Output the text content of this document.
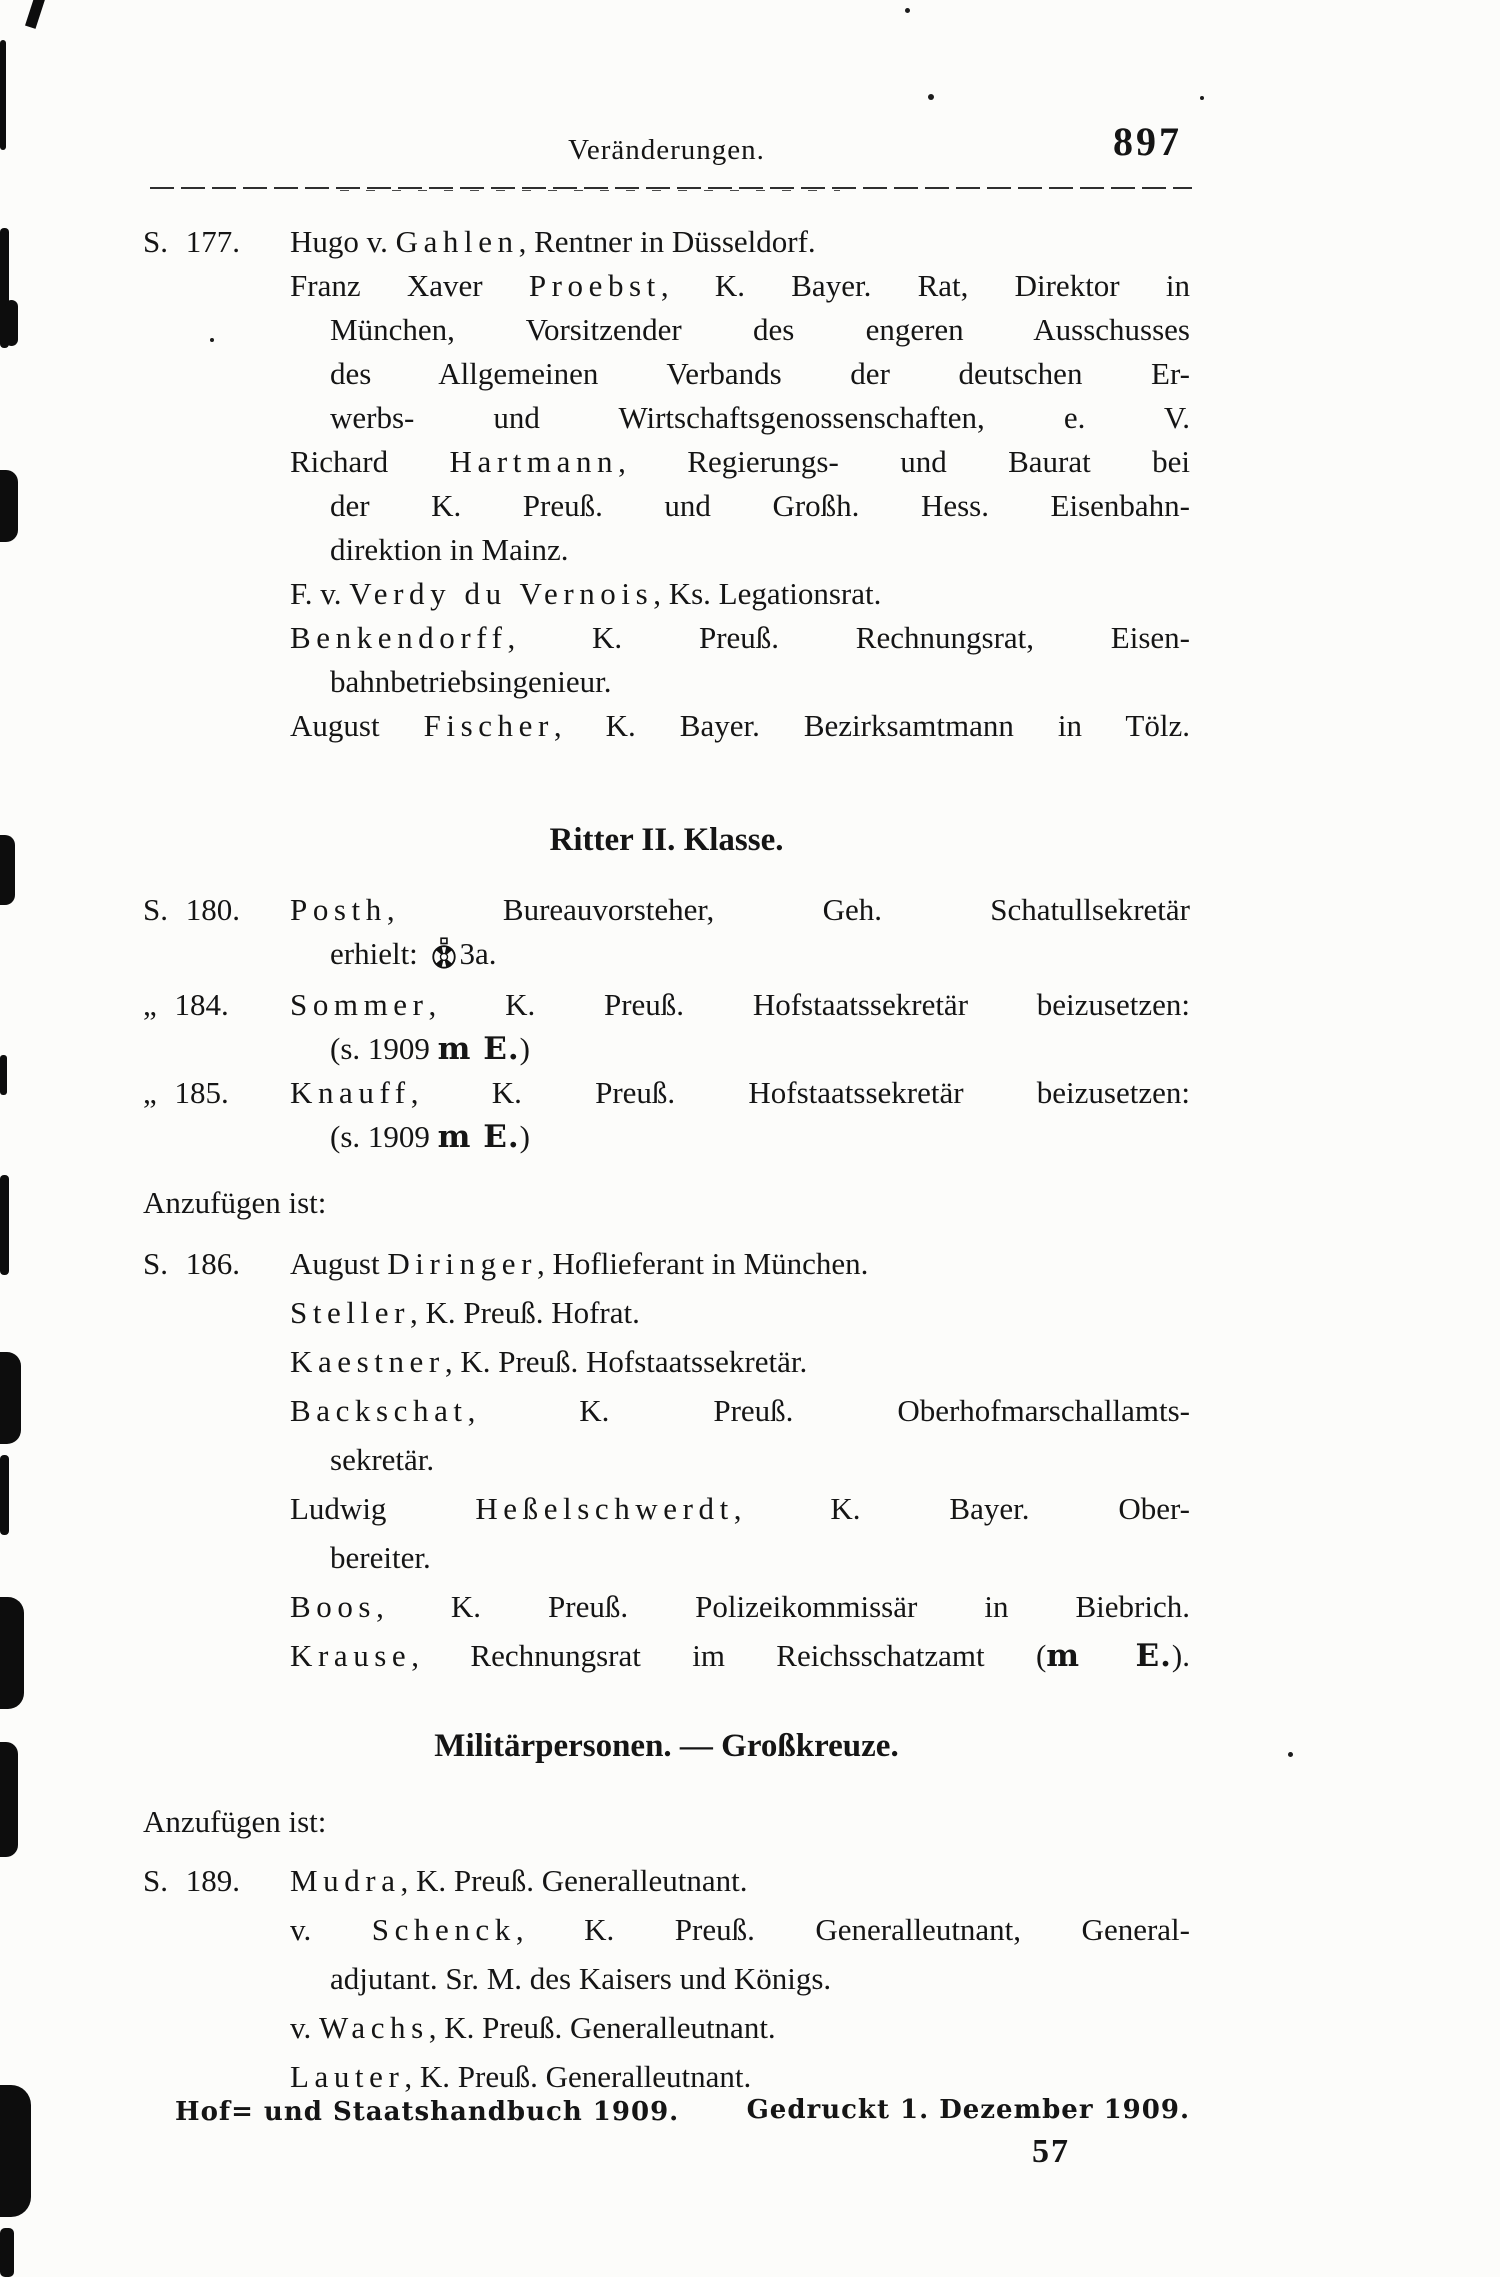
Veränderungen.	897
S. 177.	Hugo v. Gahlen, Rentner in Düsseldorf.
Franz Xaver Proebst, K. Bayer. Rat, Direktor in
München, Vorsitzender des engeren Ausschusses
des Allgemeinen Verbands der deutschen Er-
werbs- und Wirtschaftsgenossenschaften, e. V.
Richard Hartmann, Regierungs- und Baurat bei
der K. Preuß. und Großh. Hess. Eisenbahn-
direktion in Mainz.
F. v. Verdy du Vernois, Ks. Legationsrat.
Benkendorff, K. Preuß. Rechnungsrat, Eisen-
bahnbetriebsingenieur.
August Fischer, K. Bayer. Bezirksamtmann in Tölz.
Ritter II. Klasse.
S. 180.	Posth, Bureauvorsteher, Geh. Schatullsekretär
erhielt: 3a.
„ 184.	Sommer, K. Preuß. Hofstaatssekretär beizusetzen:
(s. 1909 m E.)
„ 185.	Knauff, K. Preuß. Hofstaatssekretär beizusetzen:
(s. 1909 m E.)
Anzufügen ist:
S. 186.	August Diringer, Hoflieferant in München.
Steller, K. Preuß. Hofrat.
Kaestner, K. Preuß. Hofstaatssekretär.
Backschat, K. Preuß. Oberhofmarschallamts-
sekretär.
Ludwig Heßelschwerdt, K. Bayer. Ober-
bereiter.
Boos, K. Preuß. Polizeikommissär in Biebrich.
Krause, Rechnungsrat im Reichsschatzamt (m E.).
Militärpersonen. — Großkreuze.
Anzufügen ist:
S. 189.	Mudra, K. Preuß. Generalleutnant.
v. Schenck, K. Preuß. Generalleutnant, General-
adjutant. Sr. M. des Kaisers und Königs.
v. Wachs, K. Preuß. Generalleutnant.
Lauter, K. Preuß. Generalleutnant.
Hof= und Staatshandbuch 1909.	Gedruckt 1. Dezember 1909.
57
